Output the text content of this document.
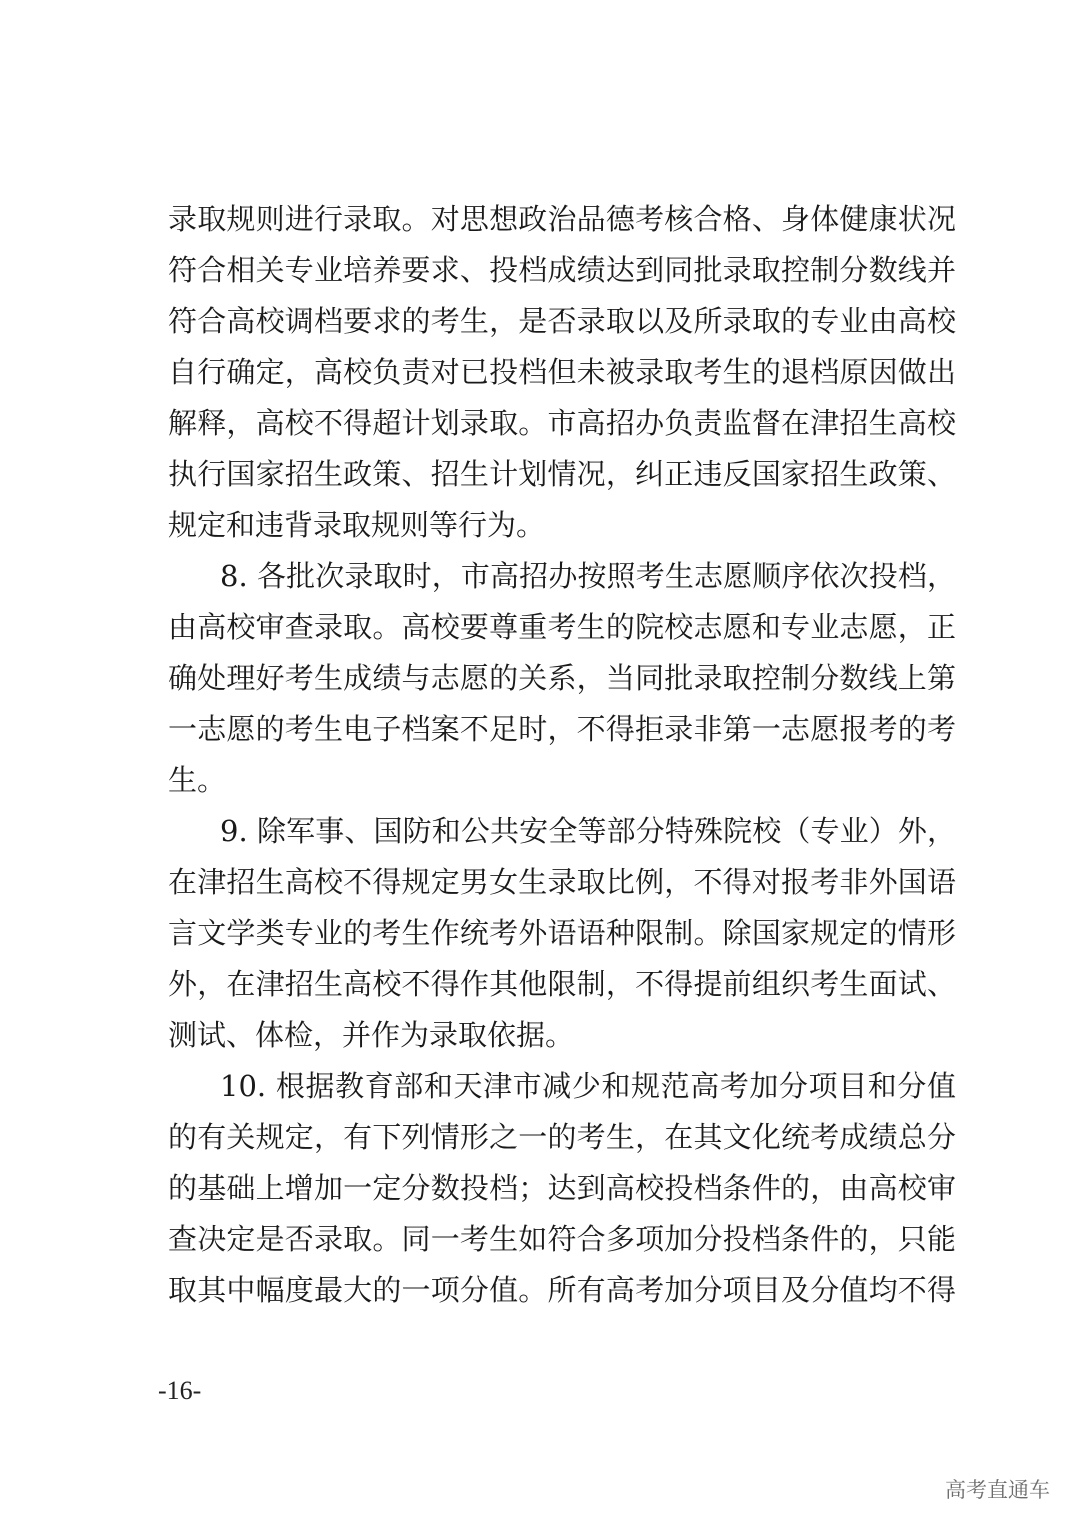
录取规则进行录取。对思想政治品德考核合格、身体健康状况
符合相关专业培养要求、投档成绩达到同批录取控制分数线并
符合高校调档要求的考生，是否录取以及所录取的专业由高校
自行确定，高校负责对已投档但未被录取考生的退档原因做出
解释，高校不得超计划录取。市高招办负责监督在津招生高校
执行国家招生政策、招生计划情况，纠正违反国家招生政策、
规定和违背录取规则等行为。
8. 各批次录取时，市高招办按照考生志愿顺序依次投档，
由高校审查录取。高校要尊重考生的院校志愿和专业志愿，正
确处理好考生成绩与志愿的关系，当同批录取控制分数线上第
一志愿的考生电子档案不足时，不得拒录非第一志愿报考的考
生。
9. 除军事、国防和公共安全等部分特殊院校（专业）外，
在津招生高校不得规定男女生录取比例，不得对报考非外国语
言文学类专业的考生作统考外语语种限制。除国家规定的情形
外，在津招生高校不得作其他限制，不得提前组织考生面试、
测试、体检，并作为录取依据。
10. 根据教育部和天津市减少和规范高考加分项目和分值
的有关规定，有下列情形之一的考生，在其文化统考成绩总分
的基础上增加一定分数投档；达到高校投档条件的，由高校审
查决定是否录取。同一考生如符合多项加分投档条件的，只能
取其中幅度最大的一项分值。所有高考加分项目及分值均不得
-16-
高考直通车
